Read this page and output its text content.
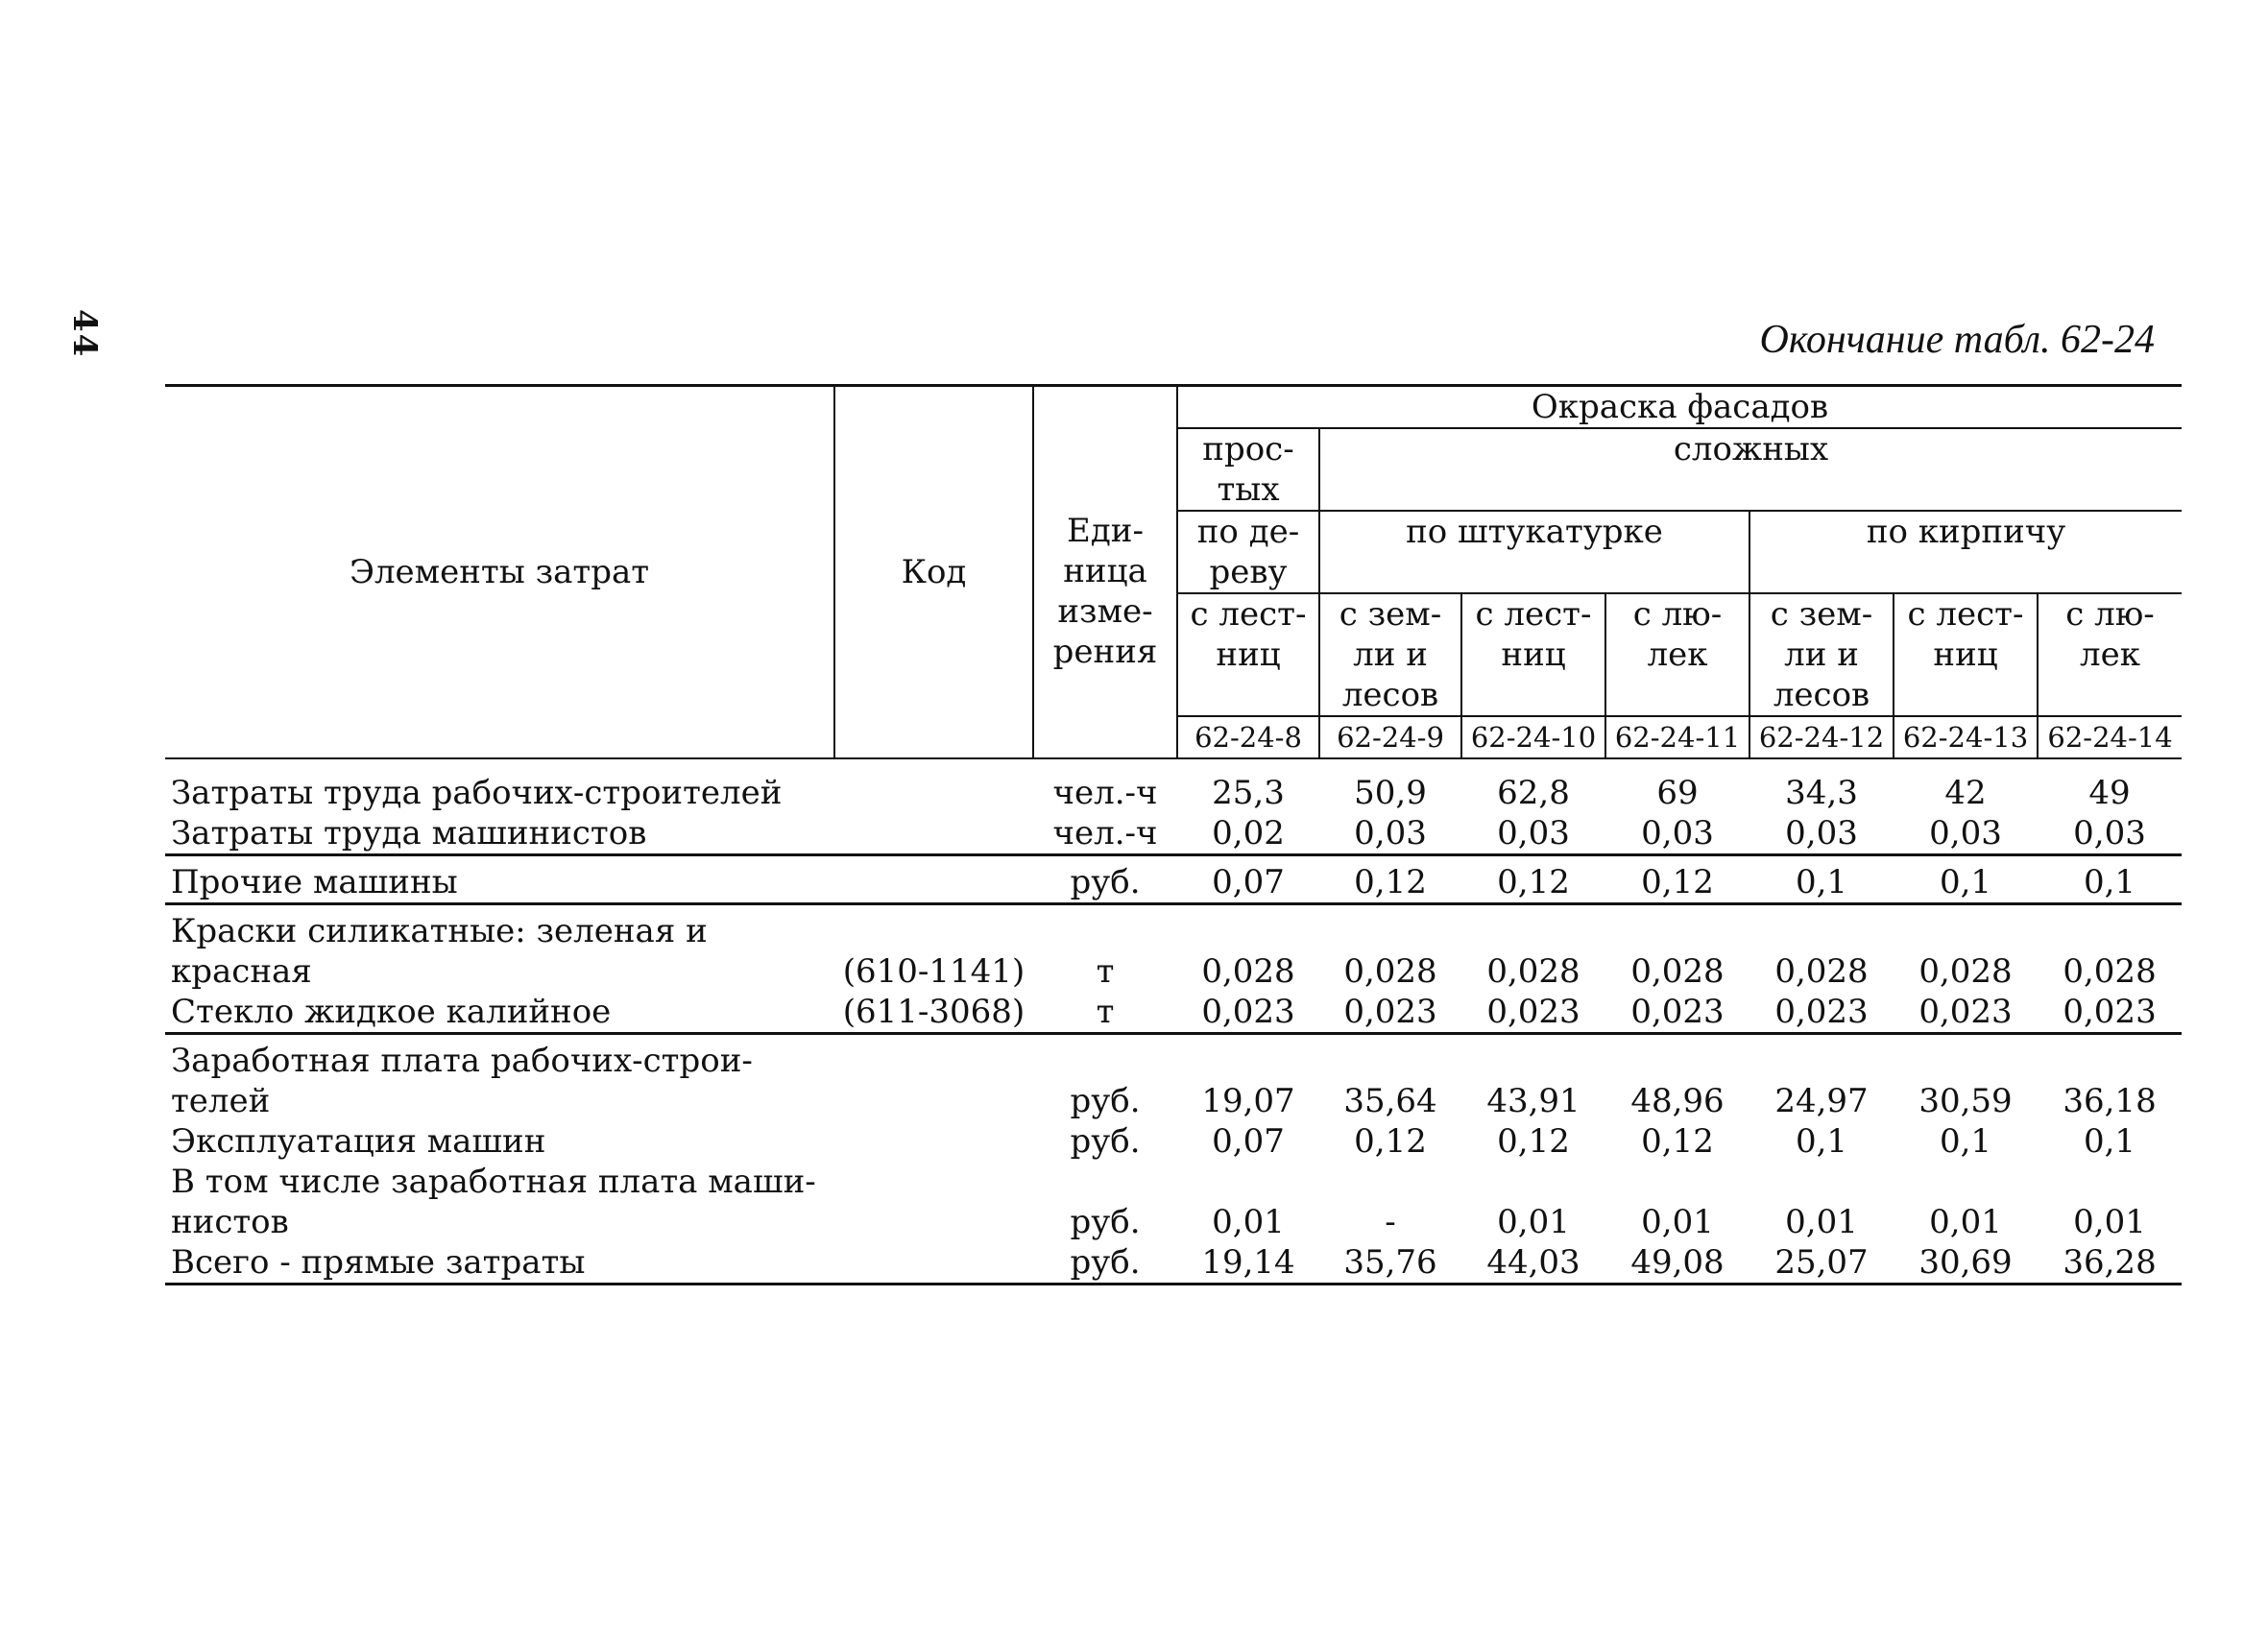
44	Окончание табл. 62-24
Элементы затрат	Код	Еди- ница изме- рения	Окраска фасадов						
			прос- тых	сложных					
			по де- реву	по штукатурке			по кирпичу		
			с лест- ниц	с зем- ли и лесов	с лест- ниц	с лю- лек	с зем- ли и лесов	с лест- ниц	с лю- лек
			62-24-8	62-24-9	62-24-10	62-24-11	62-24-12	62-24-13	62-24-14
Затраты труда рабочих-строителей		чел.-ч	25,3	50,9	62,8	69	34,3	42	49
Затраты труда машинистов		чел.-ч	0,02	0,03	0,03	0,03	0,03	0,03	0,03
Прочие машины		руб.	0,07	0,12	0,12	0,12	0,1	0,1	0,1
Краски силикатные: зеленая и красная	(610-1141)	т	0,028	0,028	0,028	0,028	0,028	0,028	0,028
Стекло жидкое калийное	(611-3068)	т	0,023	0,023	0,023	0,023	0,023	0,023	0,023
Заработная плата рабочих-строи- телей		руб.	19,07	35,64	43,91	48,96	24,97	30,59	36,18
Эксплуатация машин		руб.	0,07	0,12	0,12	0,12	0,1	0,1	0,1
В том числе заработная плата маши- нистов		руб.	0,01	-	0,01	0,01	0,01	0,01	0,01
Всего - прямые затраты		руб.	19,14	35,76	44,03	49,08	25,07	30,69	36,28
